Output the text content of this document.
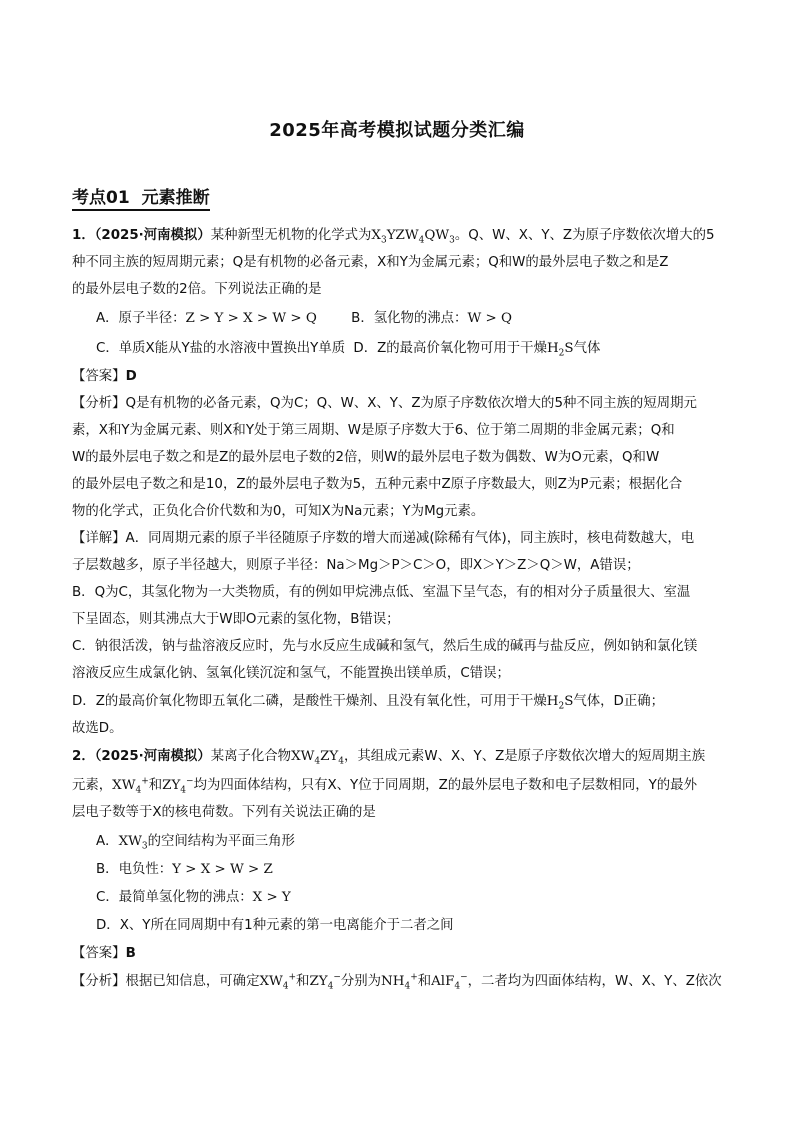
2025年高考模拟试题分类汇编
考点01 元素推断
1．（2025·河南模拟）某种新型无机物的化学式为$X_3YZW_4QW_3$。Q、W、X、Y、Z为原子序数依次增大的5
种不同主族的短周期元素；Q是有机物的必备元素，X和Y为金属元素；Q和W的最外层电子数之和是Z
的最外层电子数的2倍。下列说法正确的是
A．原子半径：Z > Y > X > W > Q	B．氢化物的沸点：W > Q
C．单质X能从Y盐的水溶液中置换出Y单质 D．Z的最高价氧化物可用于干燥$H_2S$气体
【答案】D
【分析】Q是有机物的必备元素，Q为C；Q、W、X、Y、Z为原子序数依次增大的5种不同主族的短周期元
素，X和Y为金属元素、则X和Y处于第三周期、W是原子序数大于6、位于第二周期的非金属元素；Q和
W的最外层电子数之和是Z的最外层电子数的2倍，则W的最外层电子数为偶数、W为O元素，Q和W
的最外层电子数之和是10，Z的最外层电子数为5，五种元素中Z原子序数最大，则Z为P元素；根据化合
物的化学式，正负化合价代数和为0，可知X为Na元素；Y为Mg元素。
【详解】A．同周期元素的原子半径随原子序数的增大而递减(除稀有气体)，同主族时，核电荷数越大，电
子层数越多，原子半径越大，则原子半径：Na＞Mg＞P＞C＞O，即X＞Y＞Z＞Q＞W，A错误；
B．Q为C，其氢化物为一大类物质，有的例如甲烷沸点低、室温下呈气态，有的相对分子质量很大、室温
下呈固态，则其沸点大于W即O元素的氢化物，B错误；
C．钠很活泼，钠与盐溶液反应时，先与水反应生成碱和氢气，然后生成的碱再与盐反应，例如钠和氯化镁
溶液反应生成氯化钠、氢氧化镁沉淀和氢气，不能置换出镁单质，C错误；
D．Z的最高价氧化物即五氧化二磷，是酸性干燥剂、且没有氧化性，可用于干燥$H_2S$气体，D正确；
故选D。
2．（2025·河南模拟）某离子化合物$XW_4ZY_4$，其组成元素W、X、Y、Z是原子序数依次增大的短周期主族
元素，$XW_4^+$和$ZY_4^-$均为四面体结构，只有X、Y位于同周期，Z的最外层电子数和电子层数相同，Y的最外
层电子数等于X的核电荷数。下列有关说法正确的是
A．$XW_3$的空间结构为平面三角形
B．电负性：Y > X > W > Z
C．最简单氢化物的沸点：X > Y
D．X、Y所在同周期中有1种元素的第一电离能介于二者之间
【答案】B
【分析】根据已知信息，可确定$XW_4^+$和$ZY_4^-$分别为$NH_4^+$和AlF$_4$−，二者均为四面体结构，W、X、Y、Z依次
